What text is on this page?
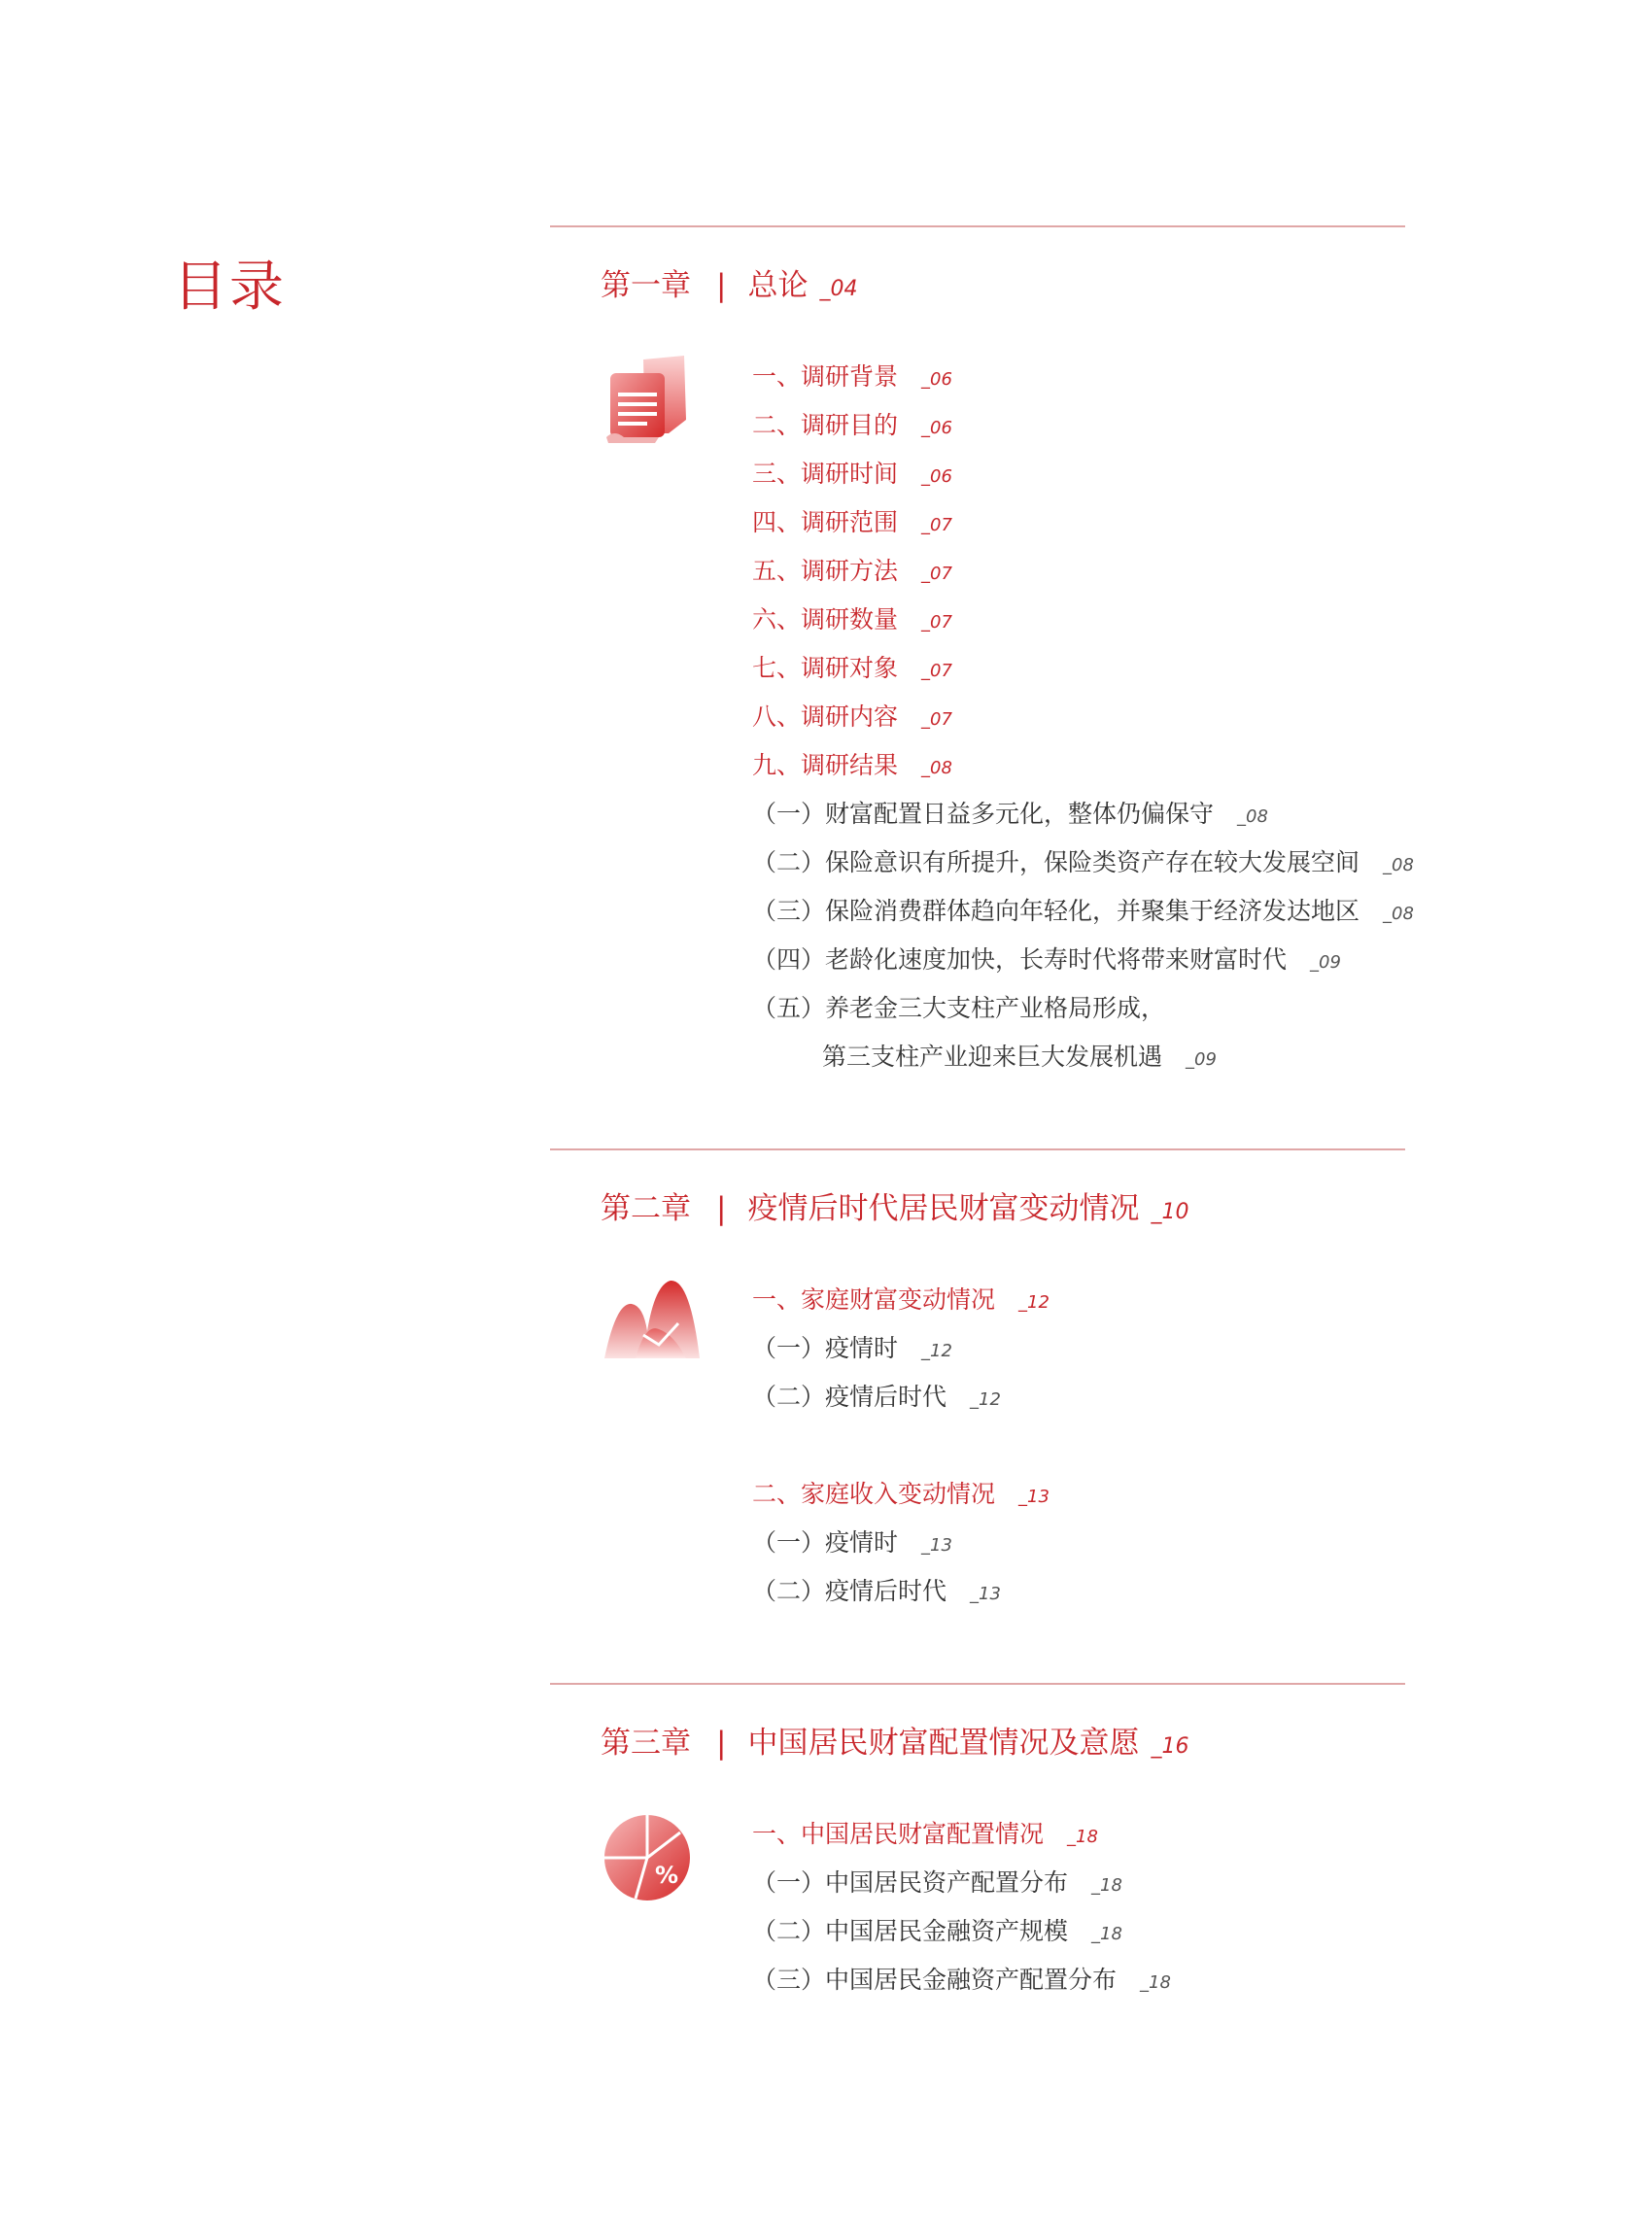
目录	第一章 | 总论 _04
一、调研背景 _06
二、调研目的 _06
三、调研时间 _06
四、调研范围 _07
五、调研方法 _07
六、调研数量 _07
七、调研对象 _07
八、调研内容 _07
九、调研结果 _08
（一）财富配置日益多元化，整体仍偏保守 _08
（二）保险意识有所提升，保险类资产存在较大发展空间 _08
（三）保险消费群体趋向年轻化，并聚集于经济发达地区 _08
（四）老龄化速度加快，长寿时代将带来财富时代 _09
（五）养老金三大支柱产业格局形成，
第三支柱产业迎来巨大发展机遇 _09
第二章 | 疫情后时代居民财富变动情况 _10
一、家庭财富变动情况 _12
（一）疫情时 _12
（二）疫情后时代 _12
二、家庭收入变动情况 _13
（一）疫情时 _13
（二）疫情后时代 _13
第三章 | 中国居民财富配置情况及意愿 _16
%
一、中国居民财富配置情况 _18
（一）中国居民资产配置分布 _18
（二）中国居民金融资产规模 _18
（三）中国居民金融资产配置分布 _18
